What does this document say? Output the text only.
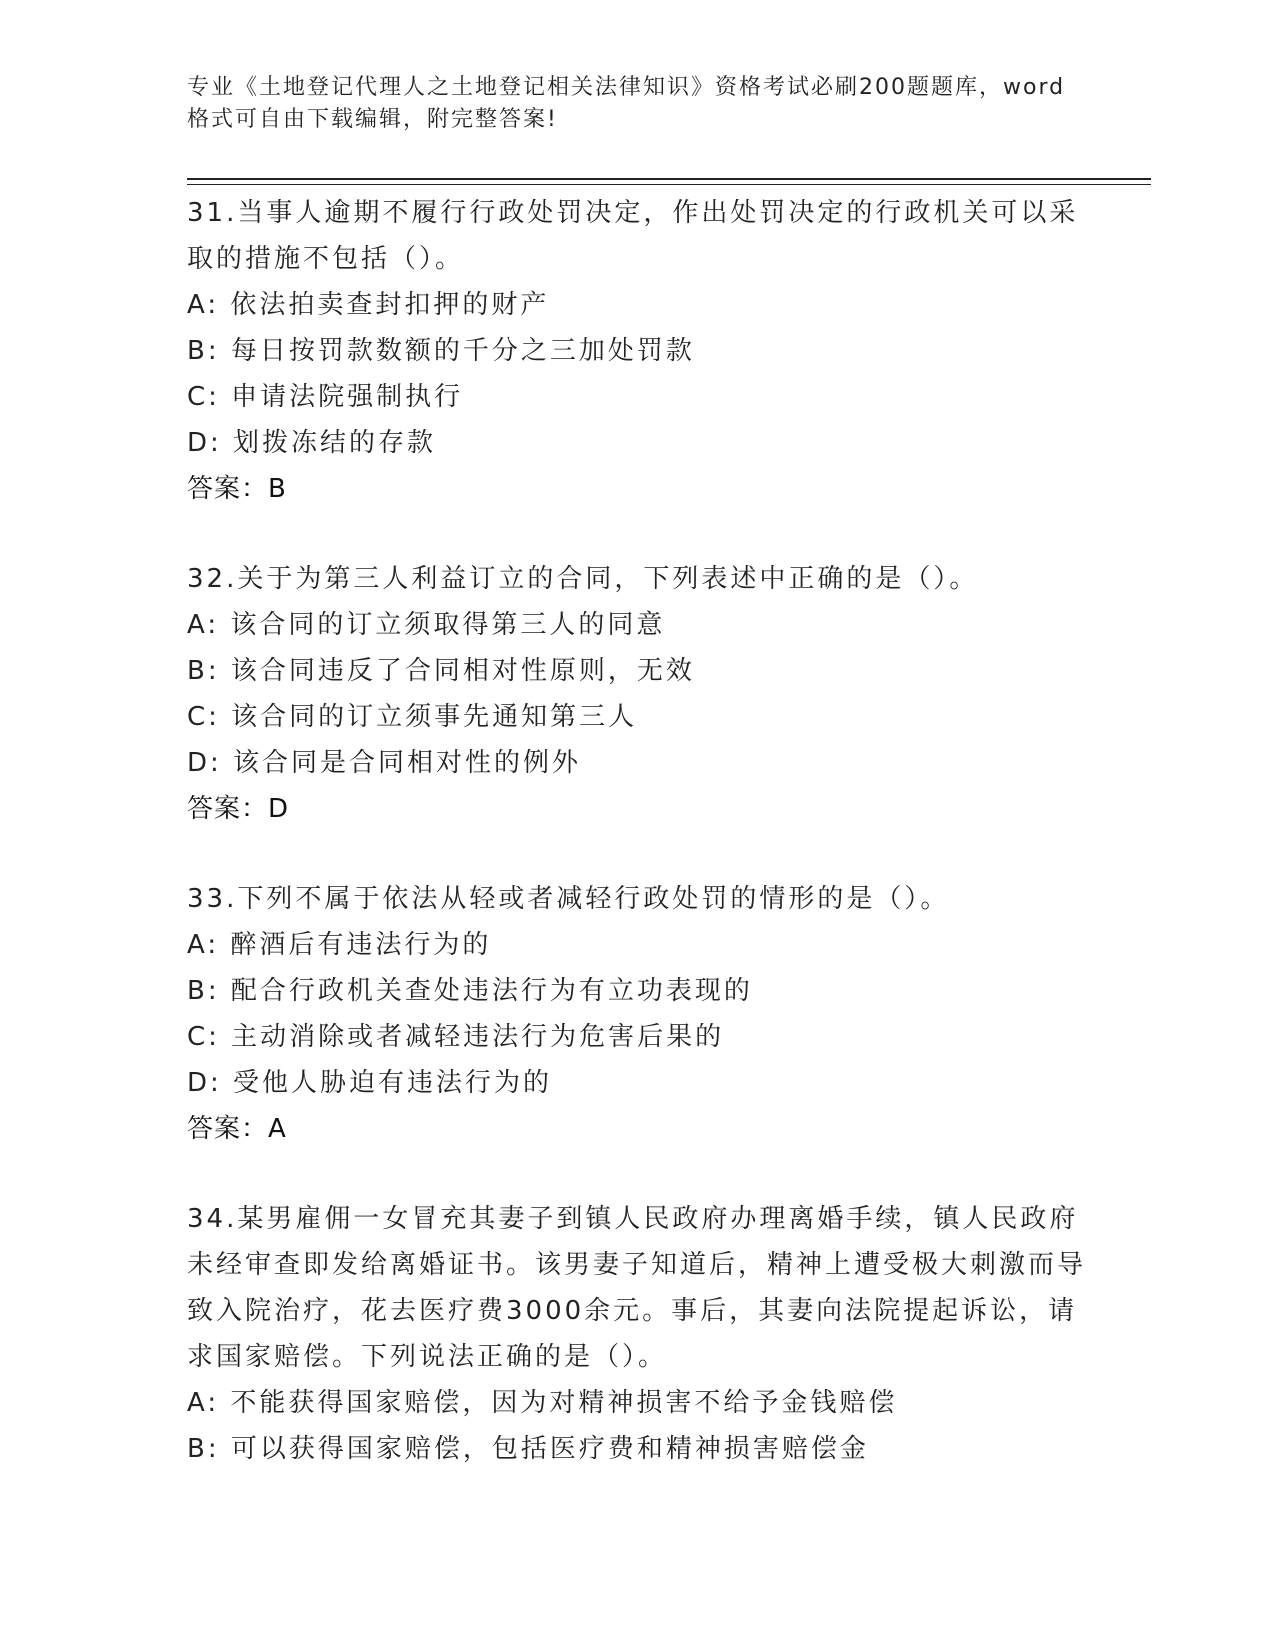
专业《土地登记代理人之土地登记相关法律知识》资格考试必刷200题题库，word格式可自由下载编辑，附完整答案!
31.当事人逾期不履行行政处罚决定，作出处罚决定的行政机关可以采取的措施不包括（）。
A: 依法拍卖查封扣押的财产
B: 每日按罚款数额的千分之三加处罚款
C: 申请法院强制执行
D: 划拨冻结的存款
答案：B
32.关于为第三人利益订立的合同，下列表述中正确的是（）。
A: 该合同的订立须取得第三人的同意
B: 该合同违反了合同相对性原则，无效
C: 该合同的订立须事先通知第三人
D: 该合同是合同相对性的例外
答案：D
33.下列不属于依法从轻或者减轻行政处罚的情形的是（）。
A: 醉酒后有违法行为的
B: 配合行政机关查处违法行为有立功表现的
C: 主动消除或者减轻违法行为危害后果的
D: 受他人胁迫有违法行为的
答案：A
34.某男雇佣一女冒充其妻子到镇人民政府办理离婚手续，镇人民政府未经审查即发给离婚证书。该男妻子知道后，精神上遭受极大刺激而导致入院治疗，花去医疗费3000余元。事后，其妻向法院提起诉讼，请求国家赔偿。下列说法正确的是（）。
A: 不能获得国家赔偿，因为对精神损害不给予金钱赔偿
B: 可以获得国家赔偿，包括医疗费和精神损害赔偿金
